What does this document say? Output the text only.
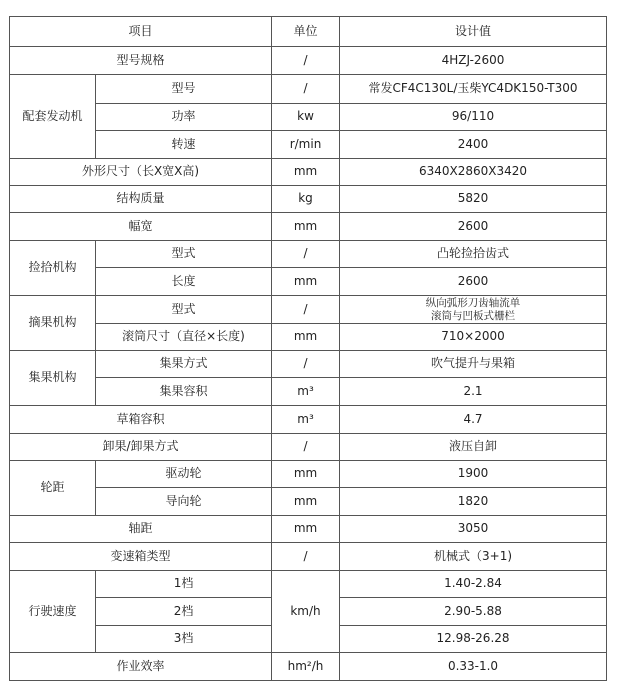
项目		单位	设计值
型号规格		/	4HZJ-2600
配套发动机	型号	/	常发CF4C130L/玉柴YC4DK150-T300
	功率	kw	96/110
	转速	r/min	2400
外形尺寸（长X宽X高)		mm	6340X2860X3420
结构质量		kg	5820
幅宽		mm	2600
捡拾机构	型式	/	凸轮捡拾齿式
	长度	mm	2600
摘果机构	型式	/	纵向弧形刀齿轴流单
滚筒与凹板式栅栏

	滚筒尺寸（直径×长度)	mm	710×2000
集果机构	集果方式	/	吹气提升与果箱
	集果容积	m³	2.1
草箱容积		m³	4.7
卸果/卸果方式		/	液压自卸
轮距	驱动轮	mm	1900
	导向轮	mm	1820
轴距		mm	3050
变速箱类型		/	机械式（3+1)
行驶速度	1档	km/h	1.40-2.84
	2档		2.90-5.88
	3档		12.98-26.28
作业效率		hm²/h	0.33-1.0
